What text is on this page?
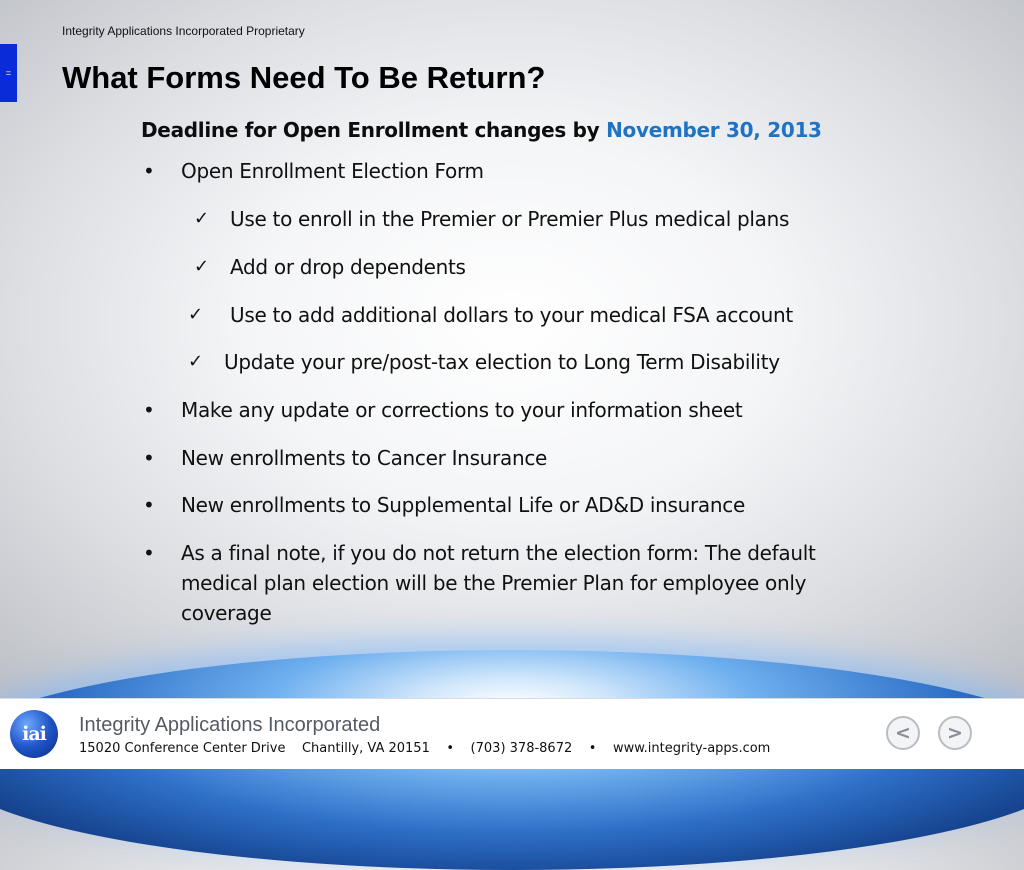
=
Integrity Applications Incorporated Proprietary
What Forms Need To Be Return?
Deadline for Open Enrollment changes by November 30, 2013
•	Open Enrollment Election Form
✓	Use to enroll in the Premier or Premier Plus medical plans
✓	Add or drop dependents
✓	Use to add additional dollars to your medical FSA account
✓	Update your pre/post-tax election to Long Term Disability
•	Make any update or corrections to your information sheet
•	New enrollments to Cancer Insurance
•	New enrollments to Supplemental Life or AD&D insurance
•	As a final note, if you do not return the election form: The default medical plan election will be the Premier Plan for employee only coverage
iai	Integrity Applications Incorporated
15020 Conference Center Drive    Chantilly, VA 20151    •    (703) 378-8672    •    www.integrity-apps.com
<	>
